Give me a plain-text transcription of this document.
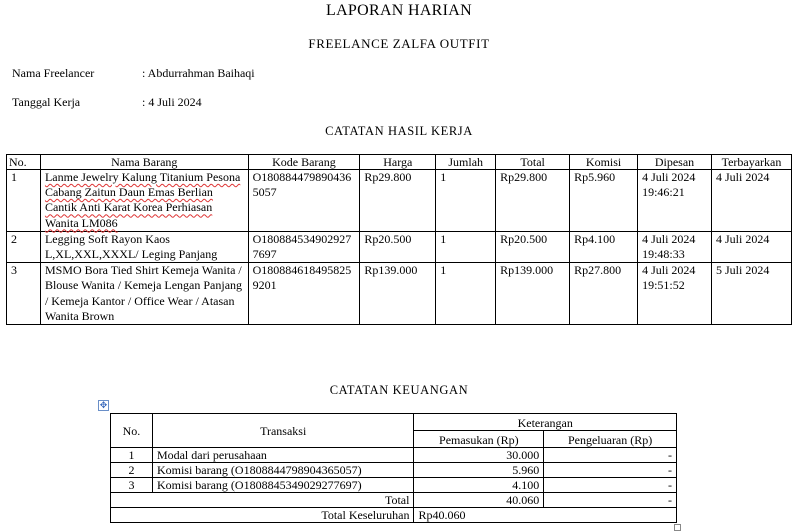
LAPORAN HARIAN
FREELANCE ZALFA OUTFIT
Nama Freelancer	: Abdurrahman Baihaqi
Tanggal Kerja	: 4 Juli 2024
CATATAN HASIL KERJA
No.	Nama Barang	Kode Barang	Harga	Jumlah	Total	Komisi	Dipesan	Terbayarkan
1	Lanme Jewelry Kalung Titanium Pesona Cabang Zaitun Daun Emas Berlian Cantik Anti Karat Korea Perhiasan Wanita LM086	O1808844798904365057	Rp29.800	1	Rp29.800	Rp5.960	4 Juli 2024 19:46:21	4 Juli 2024
2	Legging Soft Rayon Kaos L,XL,XXL,XXXL/ Leging Panjang	O1808845349029277697	Rp20.500	1	Rp20.500	Rp4.100	4 Juli 2024 19:48:33	4 Juli 2024
3	MSMO Bora Tied Shirt Kemeja Wanita / Blouse Wanita / Kemeja Lengan Panjang / Kemeja Kantor / Office Wear / Atasan Wanita Brown	O1808846184958259201	Rp139.000	1	Rp139.000	Rp27.800	4 Juli 2024 19:51:52	5 Juli 2024
CATATAN KEUANGAN
✥
No.	Transaksi	Keterangan	
		Pemasukan (Rp)	Pengeluaran (Rp)
1	Modal dari perusahaan	30.000	-
2	Komisi barang (O1808844798904365057)	5.960	-
3	Komisi barang (O1808845349029277697)	4.100	-
Total		40.060	-
Total Keseluruhan		Rp40.060	
